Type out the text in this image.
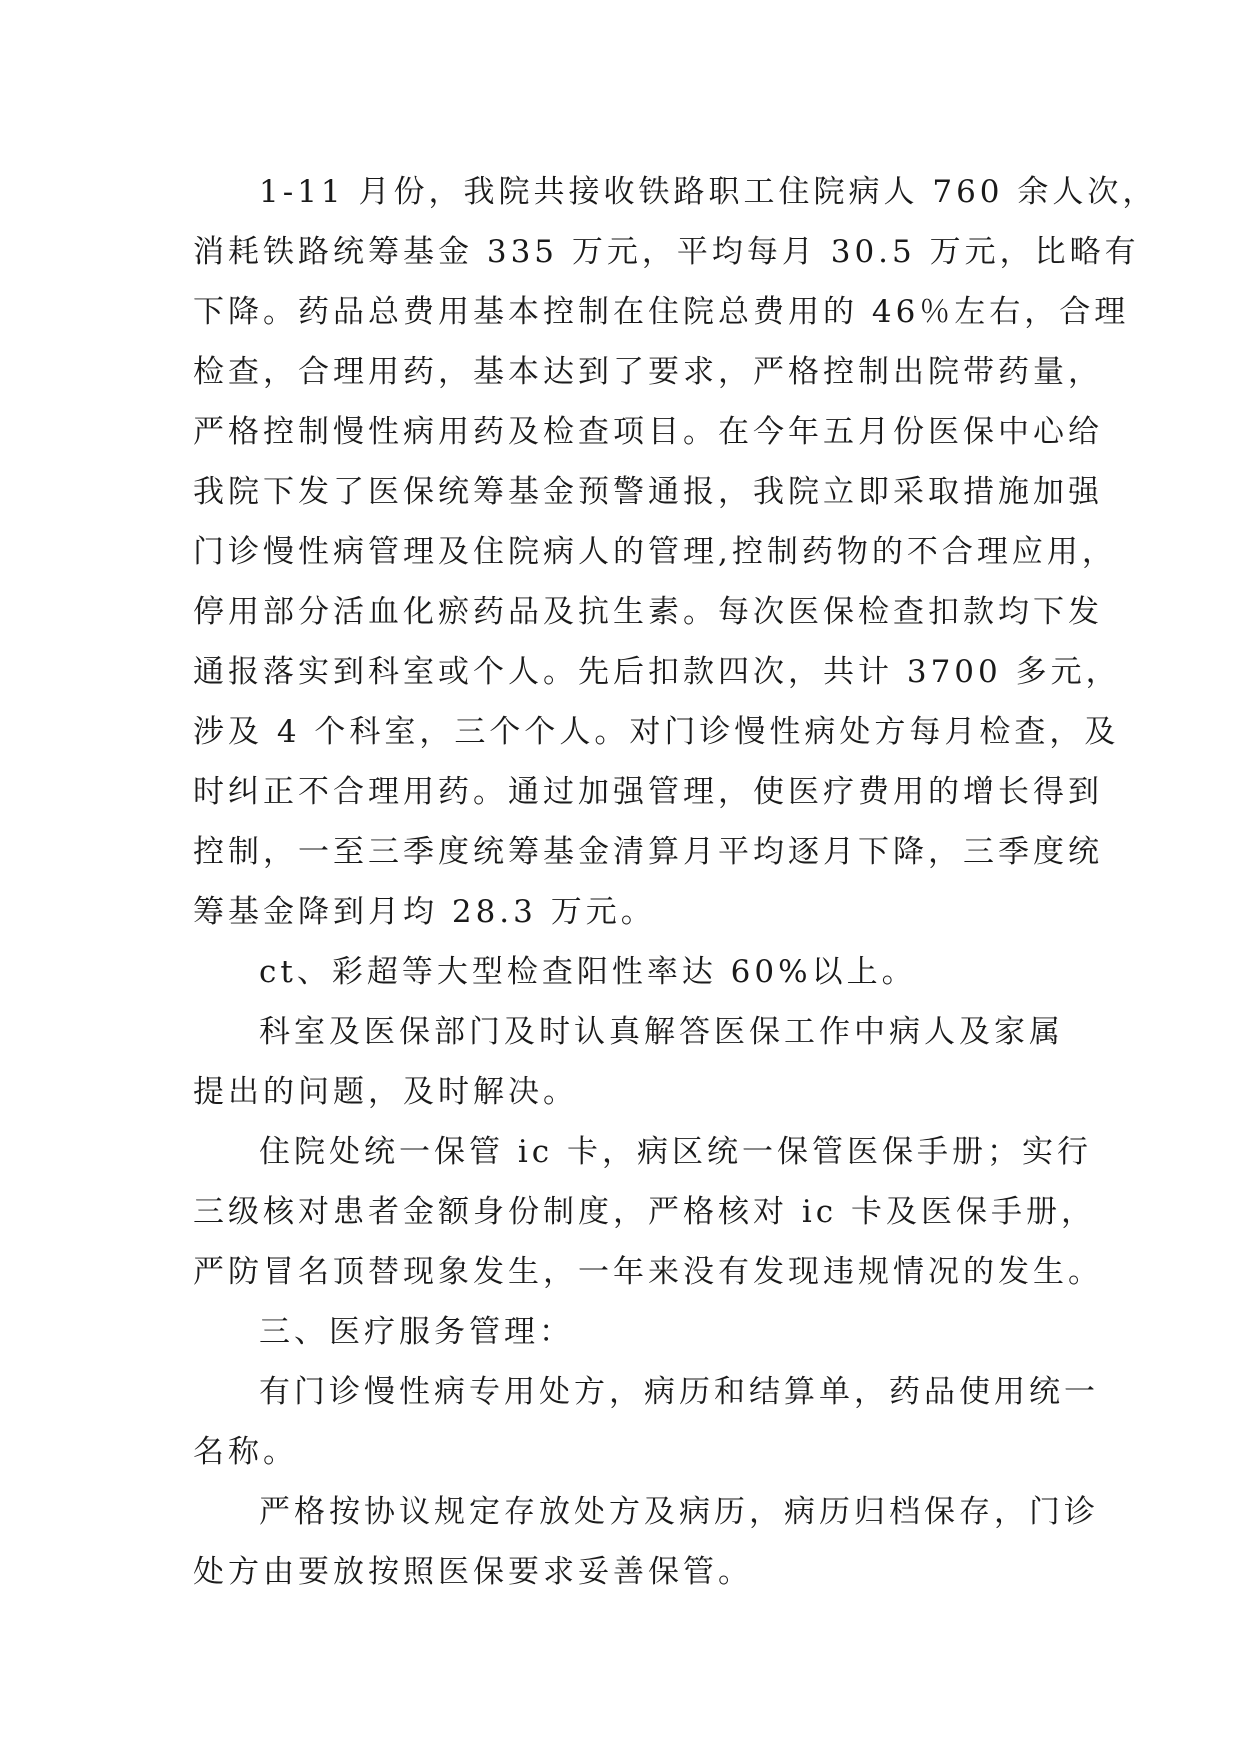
1-11 月份，我院共接收铁路职工住院病人 760 余人次，
消耗铁路统筹基金 335 万元，平均每月 30.5 万元，比略有
下降。药品总费用基本控制在住院总费用的 46％左右，合理
检查，合理用药，基本达到了要求，严格控制出院带药量，
严格控制慢性病用药及检查项目。在今年五月份医保中心给
我院下发了医保统筹基金预警通报，我院立即采取措施加强
门诊慢性病管理及住院病人的管理,控制药物的不合理应用，
停用部分活血化瘀药品及抗生素。每次医保检查扣款均下发
通报落实到科室或个人。先后扣款四次，共计 3700 多元，
涉及 4 个科室，三个个人。对门诊慢性病处方每月检查，及
时纠正不合理用药。通过加强管理，使医疗费用的增长得到
控制，一至三季度统筹基金清算月平均逐月下降，三季度统
筹基金降到月均 28.3 万元。

ct、彩超等大型检查阳性率达 60%以上。

科室及医保部门及时认真解答医保工作中病人及家属
提出的问题，及时解决。

住院处统一保管 ic 卡，病区统一保管医保手册；实行
三级核对患者金额身份制度，严格核对 ic 卡及医保手册，
严防冒名顶替现象发生，一年来没有发现违规情况的发生。

三、医疗服务管理：

有门诊慢性病专用处方，病历和结算单，药品使用统一
名称。

严格按协议规定存放处方及病历，病历归档保存，门诊
处方由要放按照医保要求妥善保管。
